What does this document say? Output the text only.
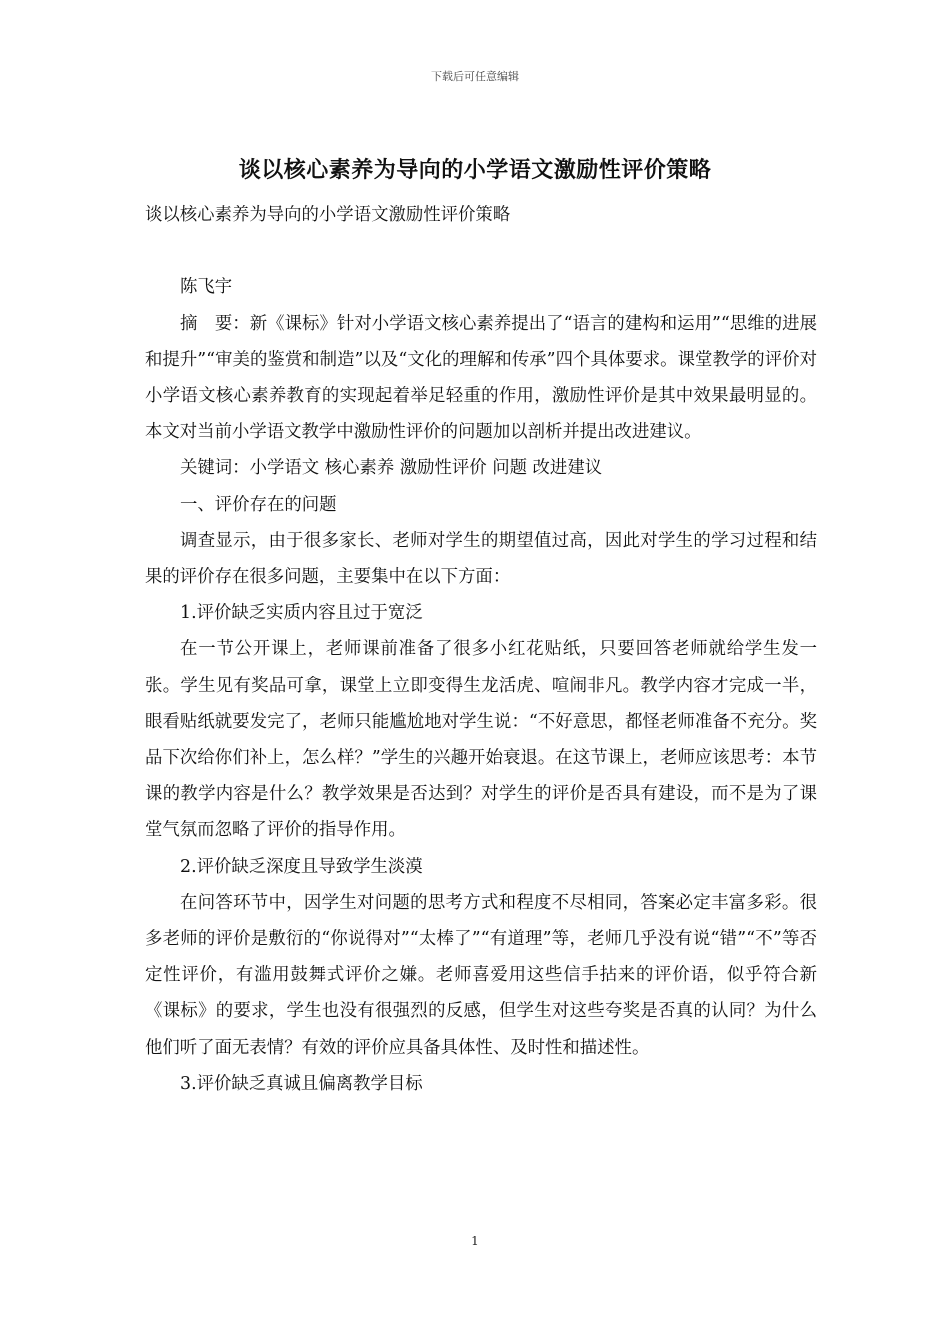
下载后可任意编辑
谈以核心素养为导向的小学语文激励性评价策略

谈以核心素养为导向的小学语文激励性评价策略

陈飞宇

摘　要：新《课标》针对小学语文核心素养提出了“语言的建构和运用”“思维的进展和提升”“审美的鉴赏和制造”以及“文化的理解和传承”四个具体要求。课堂教学的评价对小学语文核心素养教育的实现起着举足轻重的作用，激励性评价是其中效果最明显的。本文对当前小学语文教学中激励性评价的问题加以剖析并提出改进建议。

关键词：小学语文 核心素养 激励性评价 问题 改进建议

一、评价存在的问题

调查显示，由于很多家长、老师对学生的期望值过高，因此对学生的学习过程和结果的评价存在很多问题，主要集中在以下方面：

1.评价缺乏实质内容且过于宽泛

在一节公开课上，老师课前准备了很多小红花贴纸，只要回答老师就给学生发一张。学生见有奖品可拿，课堂上立即变得生龙活虎、喧闹非凡。教学内容才完成一半，眼看贴纸就要发完了，老师只能尴尬地对学生说：“不好意思，都怪老师准备不充分。奖品下次给你们补上，怎么样？”学生的兴趣开始衰退。在这节课上，老师应该思考：本节课的教学内容是什么？教学效果是否达到？对学生的评价是否具有建设，而不是为了课堂气氛而忽略了评价的指导作用。

2.评价缺乏深度且导致学生淡漠

在问答环节中，因学生对问题的思考方式和程度不尽相同，答案必定丰富多彩。很多老师的评价是敷衍的“你说得对”“太棒了”“有道理”等，老师几乎没有说“错”“不”等否定性评价，有滥用鼓舞式评价之嫌。老师喜爱用这些信手拈来的评价语，似乎符合新《课标》的要求，学生也没有很强烈的反感，但学生对这些夸奖是否真的认同？为什么他们听了面无表情？有效的评价应具备具体性、及时性和描述性。

3.评价缺乏真诚且偏离教学目标

1
